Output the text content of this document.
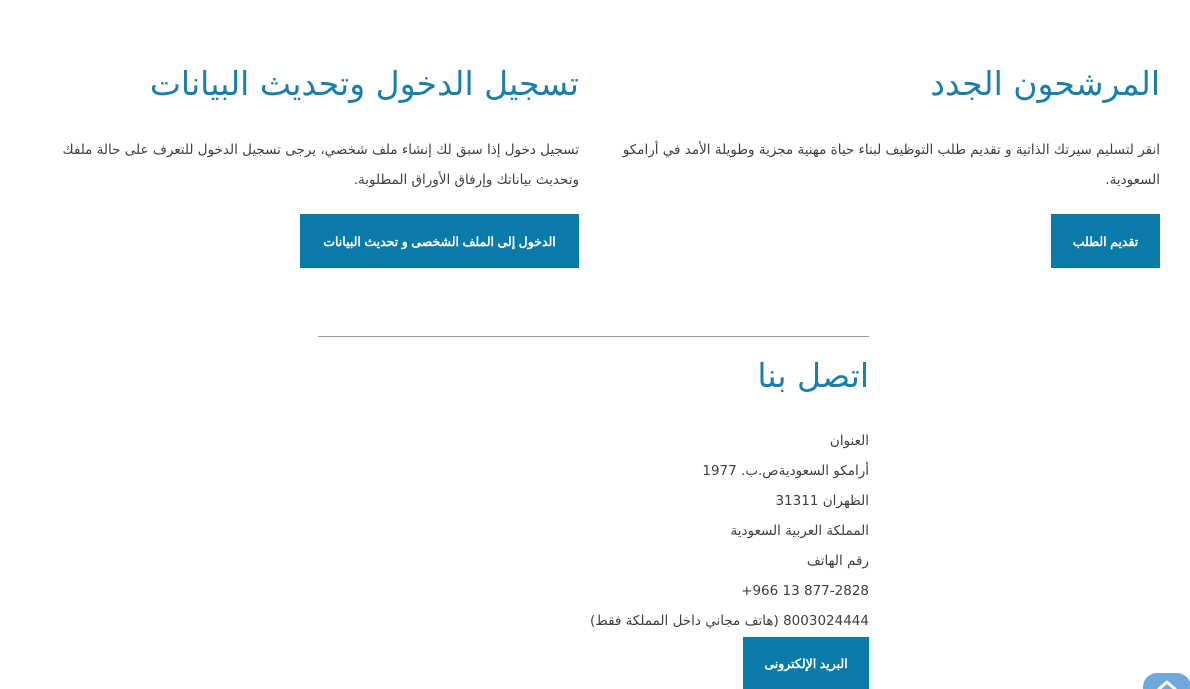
المرشحون الجدد

انقر لتسليم سيرتك الذاتية و تقديم طلب التوظيف لبناء حياة مهنية مجزية وطويلة الأمد في أرامكو السعودية.

تقديم الطلب
تسجيل الدخول وتحديث البيانات

تسجيل دخول إذا سبق لك إنشاء ملف شخصي، يرجى تسجيل الدخول للتعرف على حالة ملفك وتحديث بياناتك وإرفاق الأوراق المطلوبة.

الدخول إلى الملف الشخصى و تحديث البيانات
اتصل بنا
العنوان
أرامكو السعوديةص.ب. 1977
الظهران 31311
المملكة العربية السعودية
رقم الهاتف
+966 13 877-2828
8003024444 (هاتف مجاني داخل المملكة فقط)
البريد الإلكترونى
